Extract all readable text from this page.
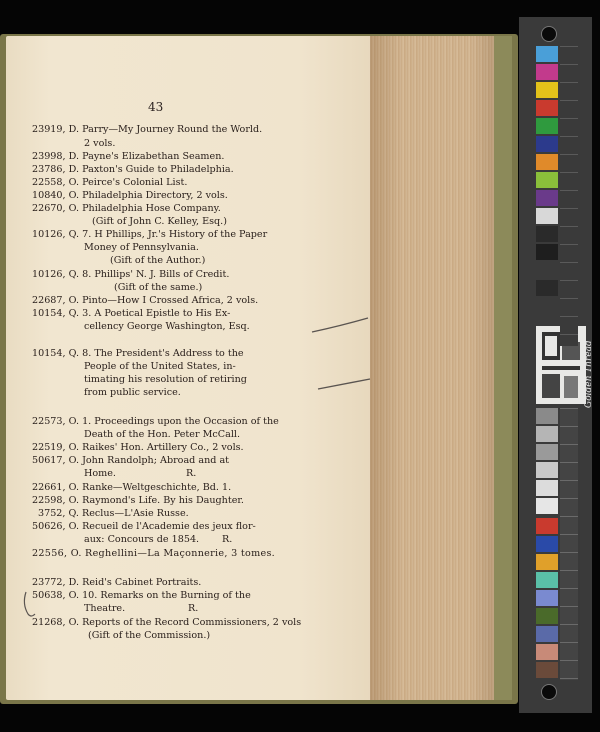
43
23919, D. Parry—My Journey Round the World.
2 vols.
23998, D. Payne's Elizabethan Seamen.
23786, D. Paxton's Guide to Philadelphia.
22558, O. Peirce's Colonial List.
10840, O. Philadelphia Directory, 2 vols.
22670, O. Philadelphia Hose Company.
(Gift of John C. Kelley, Esq.)
10126, Q. 7. H Phillips, Jr.'s History of the Paper
Money of Pennsylvania.
(Gift of the Author.)
10126, Q. 8. Phillips' N. J. Bills of Credit.
(Gift of the same.)
22687, O. Pinto—How I Crossed Africa, 2 vols.
10154, Q. 3. A Poetical Epistle to His Ex-
cellency George Washington, Esq.
10154, Q. 8. The President's Address to the
People of the United States, in-
timating his resolution of retiring
from public service.
22573, O. 1. Proceedings upon the Occasion of the
Death of the Hon. Peter McCall.
22519, O. Raikes' Hon. Artillery Co., 2 vols.
50617, O. John Randolph; Abroad and at
Home.	R.
22661, O. Ranke—Weltgeschichte, Bd. 1.
22598, O. Raymond's Life. By his Daughter.
3752, Q. Reclus—L'Asie Russe.
50626, O. Recueil de l'Academie des jeux flor-
aux: Concours de 1854. R.
22556, O. Reghellini—La Maçonnerie, 3 tomes.
23772, D. Reid's Cabinet Portraits.
50638, O. 10. Remarks on the Burning of the
Theatre.	R.
21268, O. Reports of the Record Commissioners, 2 vols
(Gift of the Commission.)
Golden Thread
